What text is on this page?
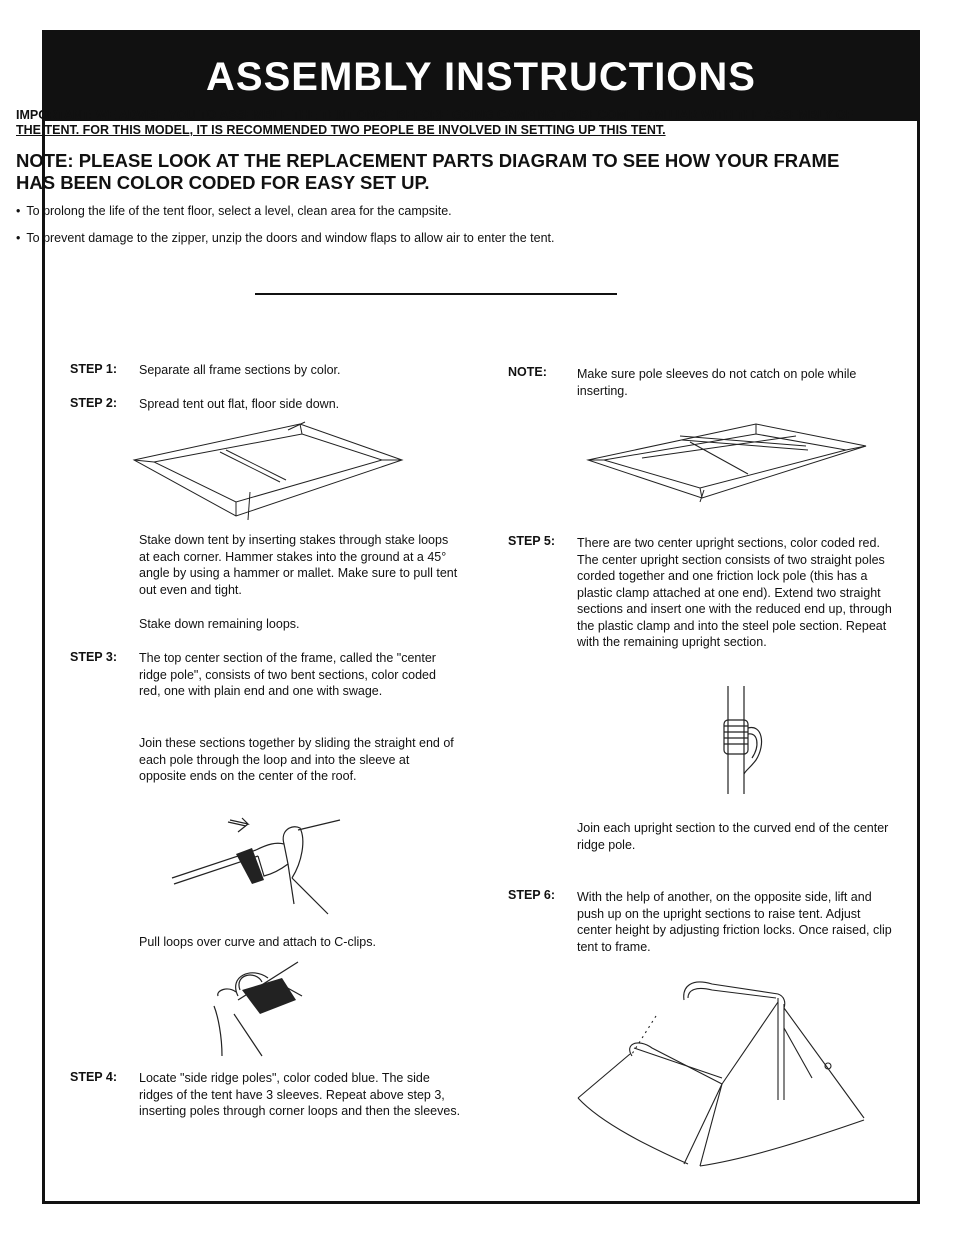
ASSEMBLY INSTRUCTIONS
IMPORTANT: WE ADVISE YOU TO ASSEMBLE THE TENT ONCE BEFORE GOING CAMPING TO BECOME FAMILIAR WITH THE ASSEMBLY OF THE TENT. FOR THIS MODEL, IT IS RECOMMENDED TWO PEOPLE BE INVOLVED IN SETTING UP THIS TENT.
NOTE: PLEASE LOOK AT THE REPLACEMENT PARTS DIAGRAM TO SEE HOW YOUR FRAME HAS BEEN COLOR CODED FOR EASY SET UP.
• To prolong the life of the tent floor, select a level, clean area for the campsite.
• To prevent damage to the zipper, unzip the doors and window flaps to allow air to enter the tent.
STEP 1: Separate all frame sections by color.
STEP 2: Spread tent out flat, floor side down.
Stake down tent by inserting stakes through stake loops at each corner. Hammer stakes into the ground at a 45° angle by using a hammer or mallet. Make sure to pull tent out even and tight.
Stake down remaining loops.
STEP 3: The top center section of the frame, called the "center ridge pole", consists of two bent sections, color coded red, one with plain end and one with swage.
Join these sections together by sliding the straight end of each pole through the loop and into the sleeve at opposite ends on the center of the roof.
Pull loops over curve and attach to C-clips.
STEP 4: Locate "side ridge poles", color coded blue. The side ridges of the tent have 3 sleeves. Repeat above step 3, inserting poles through corner loops and then the sleeves.
NOTE: Make sure pole sleeves do not catch on pole while inserting.
STEP 5: There are two center upright sections, color coded red. The center upright section consists of two straight poles corded together and one friction lock pole (this has a plastic clamp attached at one end). Extend two straight sections and insert one with the reduced end up, through the plastic clamp and into the steel pole section. Repeat with the remaining upright section.
Join each upright section to the curved end of the center ridge pole.
STEP 6: With the help of another, on the opposite side, lift and push up on the upright sections to raise tent. Adjust center height by adjusting friction locks. Once raised, clip tent to frame.
